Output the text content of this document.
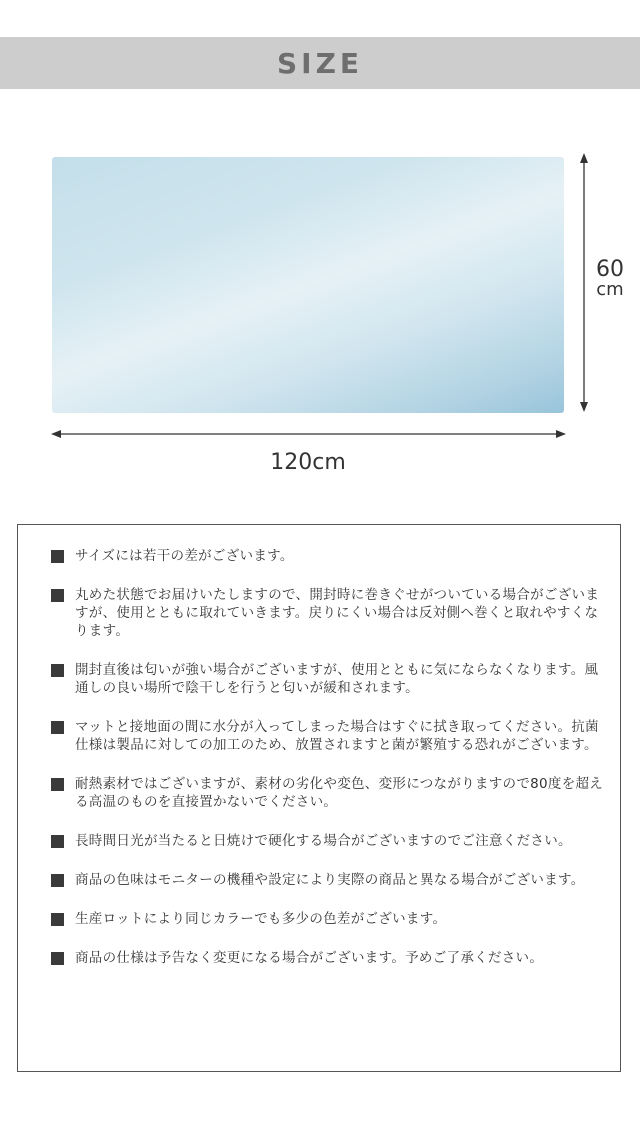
SIZE
60
cm
120cm
サイズには若干の差がございます。
丸めた状態でお届けいたしますので、開封時に巻きぐせがついている場合がございますが、使用とともに取れていきます。戻りにくい場合は反対側へ巻くと取れやすくなります。
開封直後は匂いが強い場合がございますが、使用とともに気にならなくなります。風通しの良い場所で陰干しを行うと匂いが緩和されます。
マットと接地面の間に水分が入ってしまった場合はすぐに拭き取ってください。抗菌仕様は製品に対しての加工のため、放置されますと菌が繁殖する恐れがございます。
耐熱素材ではございますが、素材の劣化や変色、変形につながりますので80度を超える高温のものを直接置かないでください。
長時間日光が当たると日焼けで硬化する場合がございますのでご注意ください。
商品の色味はモニターの機種や設定により実際の商品と異なる場合がございます。
生産ロットにより同じカラーでも多少の色差がございます。
商品の仕様は予告なく変更になる場合がございます。予めご了承ください。
